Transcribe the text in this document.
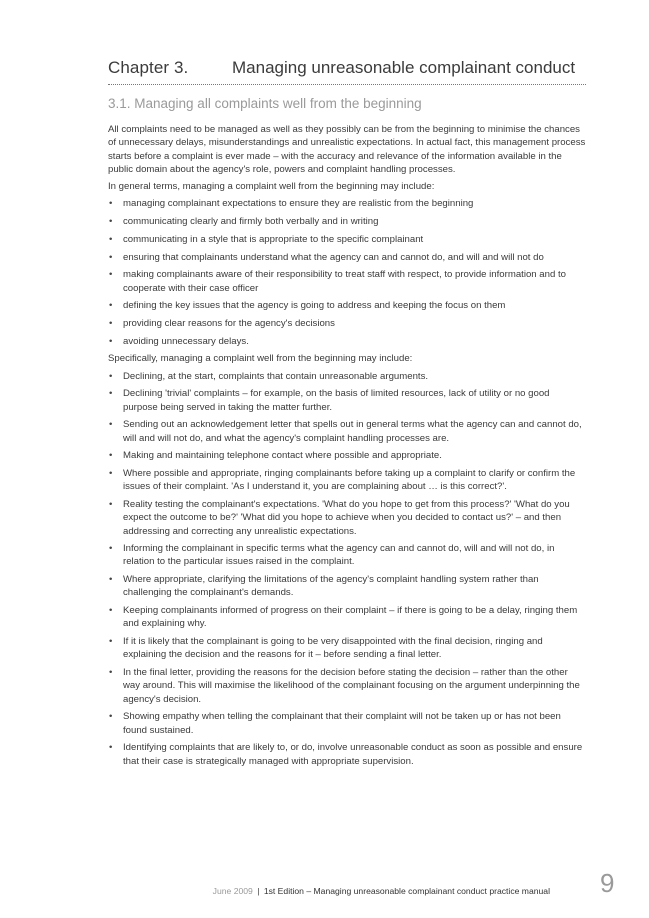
Chapter 3.	Managing unreasonable complainant conduct
3.1. Managing all complaints well from the beginning

All complaints need to be managed as well as they possibly can be from the beginning to minimise the chances of unnecessary delays, misunderstandings and unrealistic expectations. In actual fact, this management process starts before a complaint is ever made – with the accuracy and relevance of the information available in the public domain about the agency's role, powers and complaint handling processes.

In general terms, managing a complaint well from the beginning may include:

• managing complainant expectations to ensure they are realistic from the beginning
• communicating clearly and firmly both verbally and in writing
• communicating in a style that is appropriate to the specific complainant
• ensuring that complainants understand what the agency can and cannot do, and will and will not do
• making complainants aware of their responsibility to treat staff with respect, to provide information and to cooperate with their case officer
• defining the key issues that the agency is going to address and keeping the focus on them
• providing clear reasons for the agency's decisions
• avoiding unnecessary delays.

Specifically, managing a complaint well from the beginning may include:

• Declining, at the start, complaints that contain unreasonable arguments.
• Declining 'trivial' complaints – for example, on the basis of limited resources, lack of utility or no good purpose being served in taking the matter further.
• Sending out an acknowledgement letter that spells out in general terms what the agency can and cannot do, will and will not do, and what the agency's complaint handling processes are.
• Making and maintaining telephone contact where possible and appropriate.
• Where possible and appropriate, ringing complainants before taking up a complaint to clarify or confirm the issues of their complaint. 'As I understand it, you are complaining about … is this correct?'.
• Reality testing the complainant's expectations. 'What do you hope to get from this process?' 'What do you expect the outcome to be?' 'What did you hope to achieve when you decided to contact us?' – and then addressing and correcting any unrealistic expectations.
• Informing the complainant in specific terms what the agency can and cannot do, will and will not do, in relation to the particular issues raised in the complaint.
• Where appropriate, clarifying the limitations of the agency's complaint handling system rather than challenging the complainant's demands.
• Keeping complainants informed of progress on their complaint – if there is going to be a delay, ringing them and explaining why.
• If it is likely that the complainant is going to be very disappointed with the final decision, ringing and explaining the decision and the reasons for it – before sending a final letter.
• In the final letter, providing the reasons for the decision before stating the decision – rather than the other way around. This will maximise the likelihood of the complainant focusing on the argument underpinning the agency's decision.
• Showing empathy when telling the complainant that their complaint will not be taken up or has not been found sustained.
• Identifying complaints that are likely to, or do, involve unreasonable conduct as soon as possible and ensure that their case is strategically managed with appropriate supervision.
June 2009 | 1st Edition – Managing unreasonable complainant conduct practice manual 9
